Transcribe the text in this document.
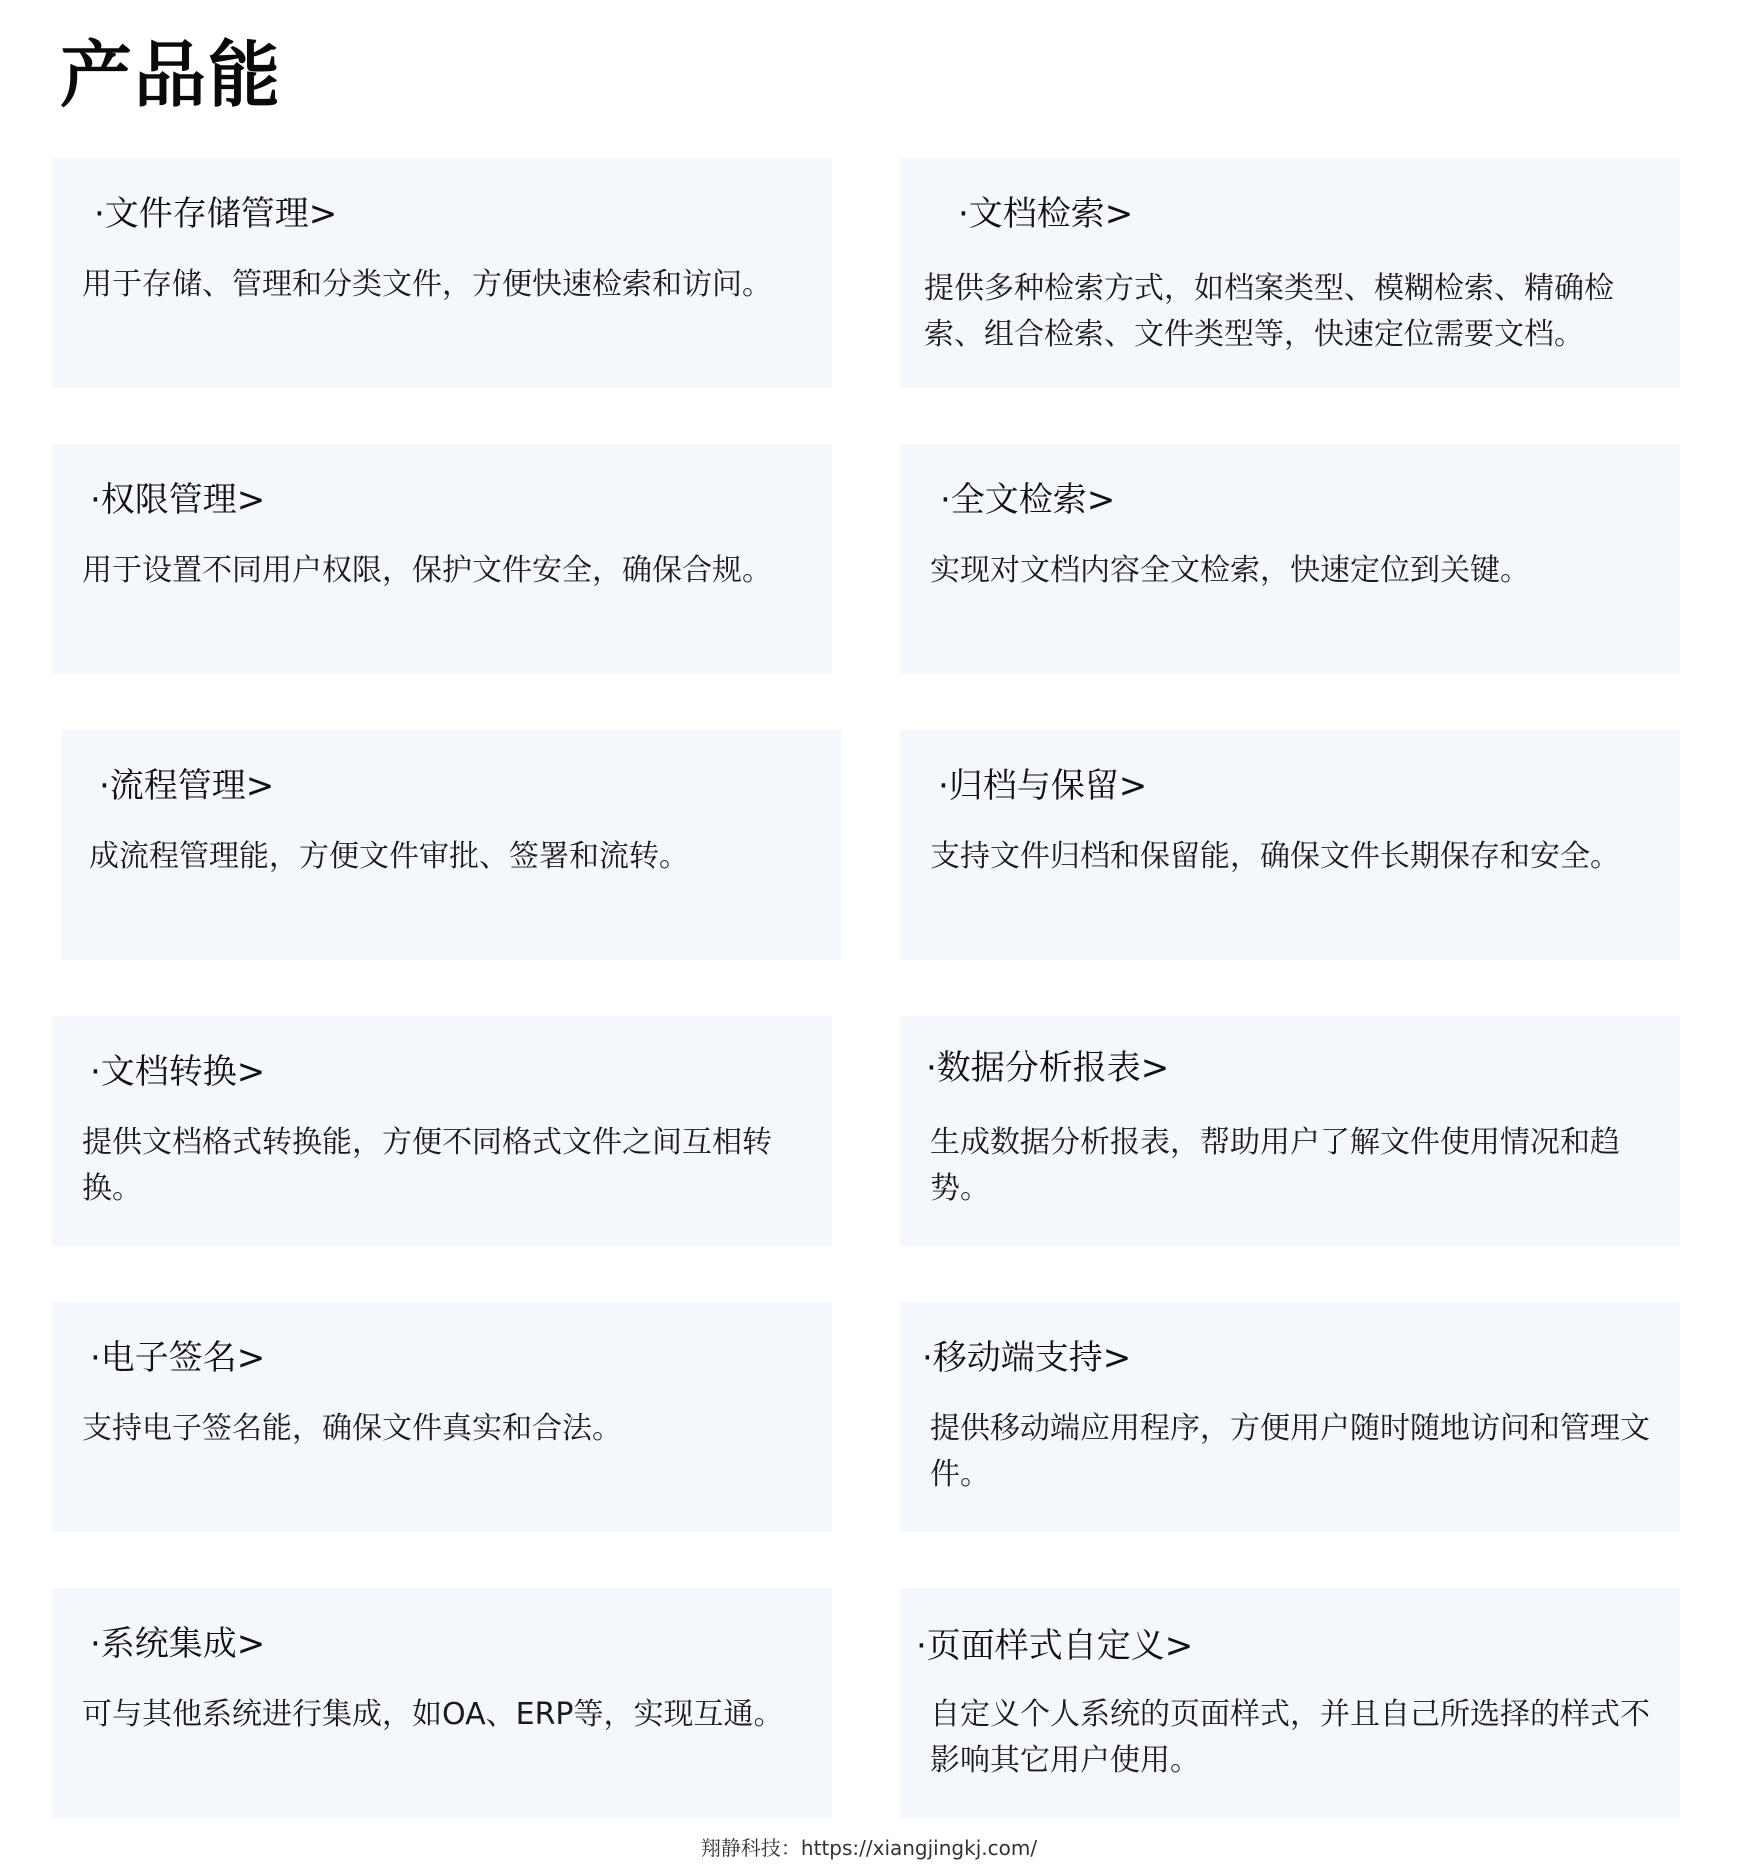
产品能
·文件存储管理>

用于存储、管理和分类文件，方便快速检索和访问。

·文档检索>

提供多种检索方式，如档案类型、模糊检索、精确检索、组合检索、文件类型等，快速定位需要文档。

·权限管理>

用于设置不同用户权限，保护文件安全，确保合规。

·全文检索>

实现对文档内容全文检索，快速定位到关键。

·流程管理>

成流程管理能，方便文件审批、签署和流转。

·归档与保留>

支持文件归档和保留能，确保文件长期保存和安全。

·文档转换>

提供文档格式转换能，方便不同格式文件之间互相转换。

·数据分析报表>

生成数据分析报表，帮助用户了解文件使用情况和趋势。

·电子签名>

支持电子签名能，确保文件真实和合法。

·移动端支持>

提供移动端应用程序，方便用户随时随地访问和管理文件。

·系统集成>

可与其他系统进行集成，如OA、ERP等，实现互通。

·页面样式自定义>

自定义个人系统的页面样式，并且自己所选择的样式不影响其它用户使用。

翔静科技：https://xiangjingkj.com/
